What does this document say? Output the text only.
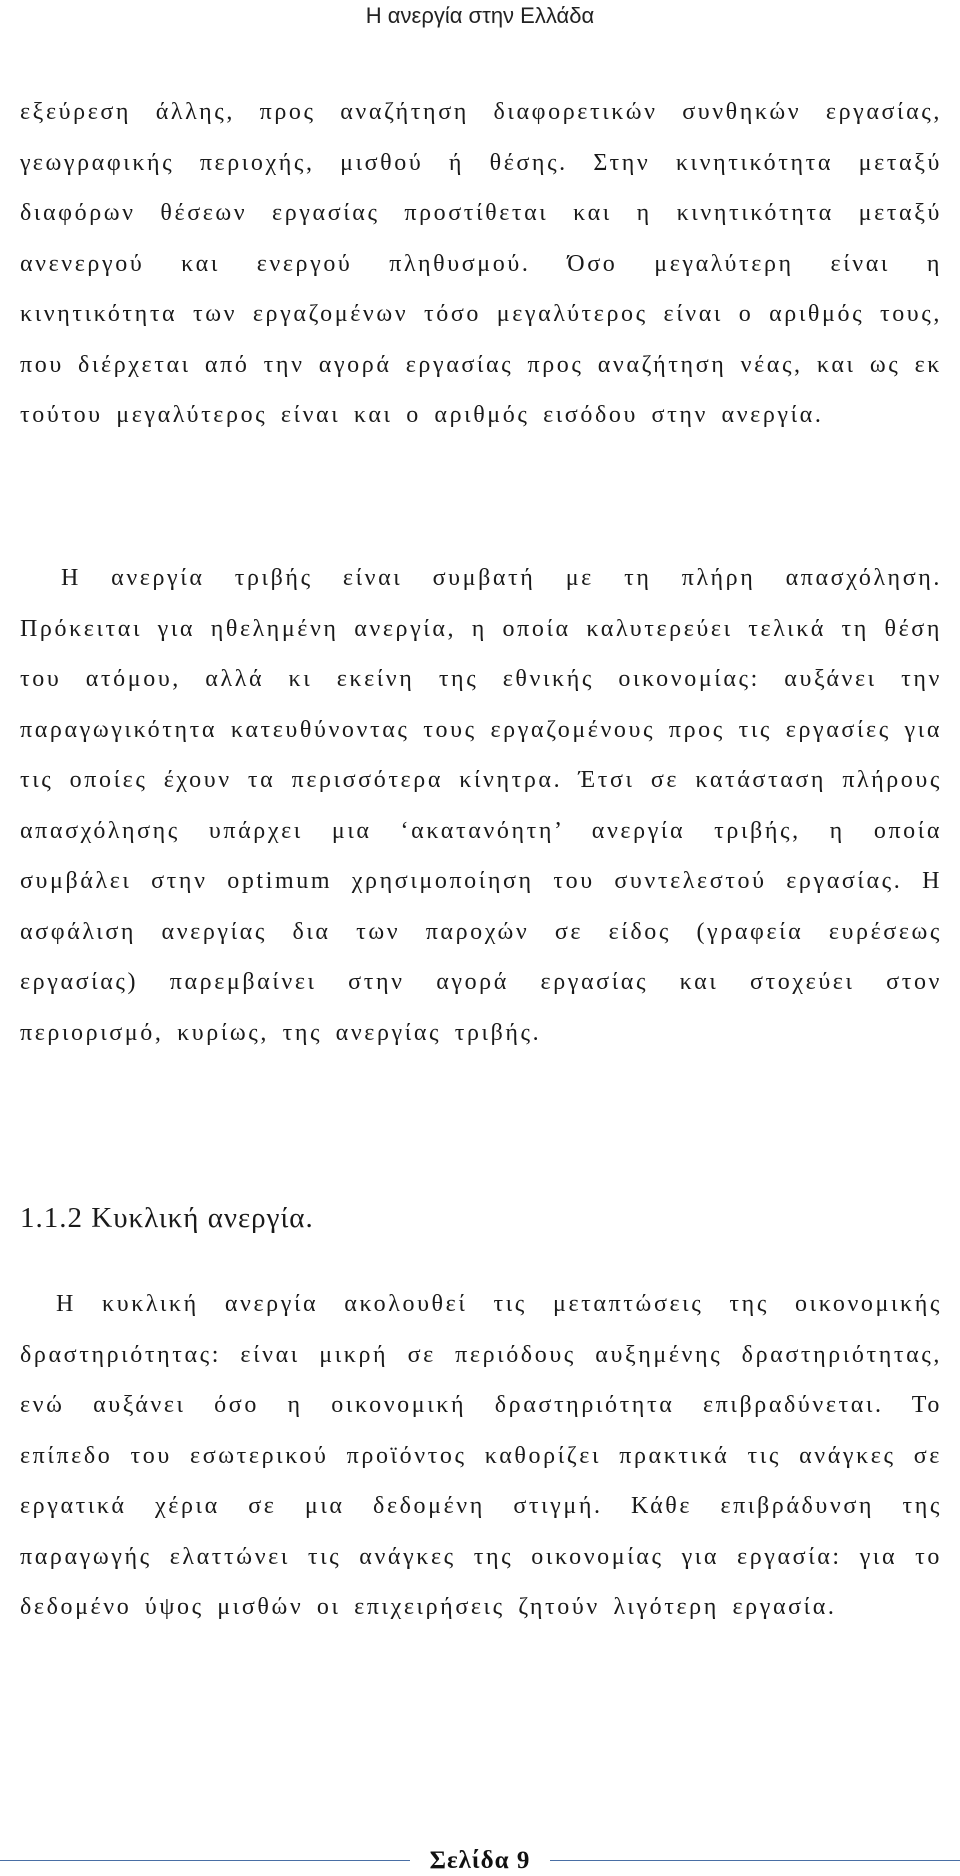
Η ανεργία στην Ελλάδα

εξεύρεση άλλης, προς αναζήτηση διαφορετικών συνθηκών εργασίας, γεωγραφικής περιοχής, μισθού ή θέσης. Στην κινητικότητα μεταξύ διαφόρων θέσεων εργασίας προστίθεται και η κινητικότητα μεταξύ ανενεργού και ενεργού πληθυσμού. Όσο μεγαλύτερη είναι η κινητικότητα των εργαζομένων τόσο μεγαλύτερος είναι ο αριθμός τους, που διέρχεται από την αγορά εργασίας προς αναζήτηση νέας, και ως εκ τούτου μεγαλύτερος είναι και ο αριθμός εισόδου στην ανεργία.

Η ανεργία τριβής είναι συμβατή με τη πλήρη απασχόληση. Πρόκειται για ηθελημένη ανεργία, η οποία καλυτερεύει τελικά τη θέση του ατόμου, αλλά κι εκείνη της εθνικής οικονομίας: αυξάνει την παραγωγικότητα κατευθύνοντας τους εργαζομένους προς τις εργασίες για τις οποίες έχουν τα περισσότερα κίνητρα. Έτσι σε κατάσταση πλήρους απασχόλησης υπάρχει μια ‘ακατανόητη’ ανεργία τριβής, η οποία συμβάλει στην optimum χρησιμοποίηση του συντελεστού εργασίας. Η ασφάλιση ανεργίας δια των παροχών σε είδος (γραφεία ευρέσεως εργασίας) παρεμβαίνει στην αγορά εργασίας και στοχεύει στον περιορισμό, κυρίως, της ανεργίας τριβής.

1.1.2 Κυκλική ανεργία.

Η κυκλική ανεργία ακολουθεί τις μεταπτώσεις της οικονομικής δραστηριότητας: είναι μικρή σε περιόδους αυξημένης δραστηριότητας, ενώ αυξάνει όσο η οικονομική δραστηριότητα επιβραδύνεται. Το επίπεδο του εσωτερικού προϊόντος καθορίζει πρακτικά τις ανάγκες σε εργατικά χέρια σε μια δεδομένη στιγμή. Κάθε επιβράδυνση της παραγωγής ελαττώνει τις ανάγκες της οικονομίας για εργασία: για το δεδομένο ύψος μισθών οι επιχειρήσεις ζητούν λιγότερη εργασία.

Σελίδα 9
